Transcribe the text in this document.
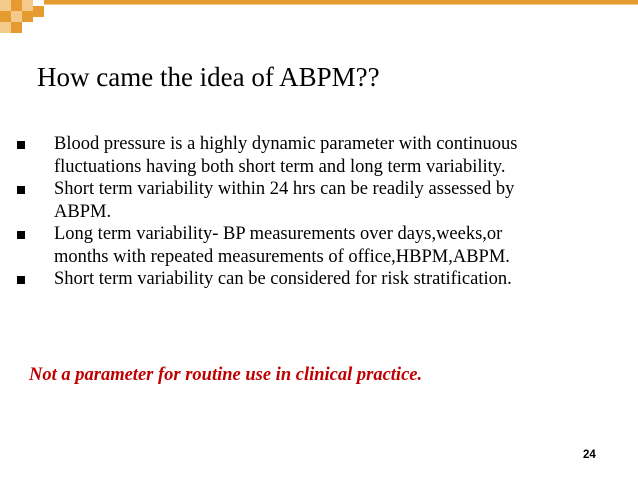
How came the idea of ABPM??
Blood pressure is a highly dynamic parameter with continuous
fluctuations having both short term and long term variability.
Short term variability within 24 hrs can be readily assessed by
ABPM.
Long term variability- BP measurements over days,weeks,or
months with repeated measurements of office,HBPM,ABPM.
Short term variability can be considered for risk stratification.
Not a parameter for routine use in clinical practice.
24
